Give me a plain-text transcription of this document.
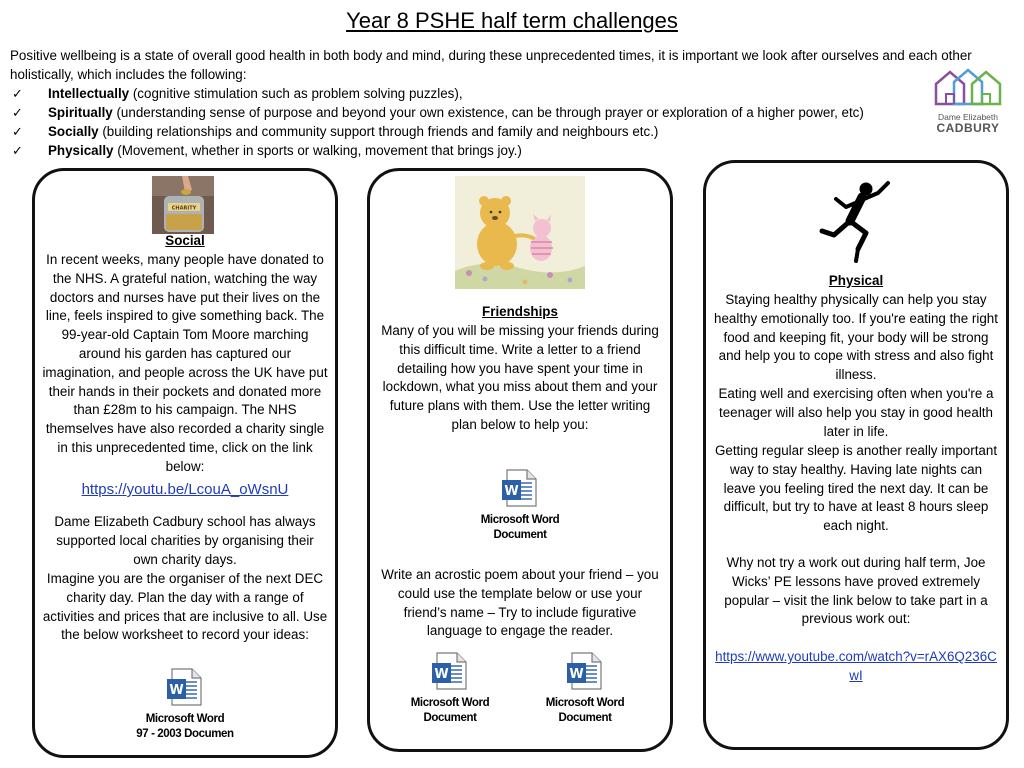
Year 8 PSHE half term challenges
Positive wellbeing is a state of overall good health in both body and mind, during these unprecedented times, it is important we look after ourselves and each other holistically, which includes the following:
✓ Intellectually (cognitive stimulation such as problem solving puzzles),
✓ Spiritually (understanding sense of purpose and beyond your own existence, can be through prayer or exploration of a higher power, etc)
✓ Socially (building relationships and community support through friends and family and neighbours etc.)
✓ Physically (Movement, whether in sports or walking, movement that brings joy.)
Dame Elizabeth
CADBURY
CHARITY
Social
In recent weeks, many people have donated to the NHS. A grateful nation, watching the way doctors and nurses have put their lives on the line, feels inspired to give something back. The 99-year-old Captain Tom Moore marching around his garden has captured our imagination, and people across the UK have put their hands in their pockets and donated more than £28m to his campaign. The NHS themselves have also recorded a charity single in this unprecedented time, click on the link below:
https://youtu.be/LcouA_oWsnU
Dame Elizabeth Cadbury school has always supported local charities by organising their own charity days.
Imagine you are the organiser of the next DEC charity day. Plan the day with a range of activities and prices that are inclusive to all. Use the below worksheet to record your ideas:
W
Microsoft Word
97 - 2003 Documen
Friendships
Many of you will be missing your friends during this difficult time. Write a letter to a friend detailing how you have spent your time in lockdown, what you miss about them and your future plans with them. Use the letter writing plan below to help you:
W
Microsoft Word
Document
Write an acrostic poem about your friend – you could use the template below or use your friend’s name – Try to include figurative language to engage the reader.
W
Microsoft Word
Document
W
Microsoft Word
Document
Physical
Staying healthy physically can help you stay healthy emotionally too. If you're eating the right food and keeping fit, your body will be strong and help you to cope with stress and also fight illness.
Eating well and exercising often when you're a teenager will also help you stay in good health later in life.
Getting regular sleep is another really important way to stay healthy. Having late nights can leave you feeling tired the next day. It can be difficult, but try to have at least 8 hours sleep each night.
Why not try a work out during half term, Joe Wicks’ PE lessons have proved extremely popular – visit the link below to take part in a previous work out:
https://www.youtube.com/watch?v=rAX6Q236CwI
